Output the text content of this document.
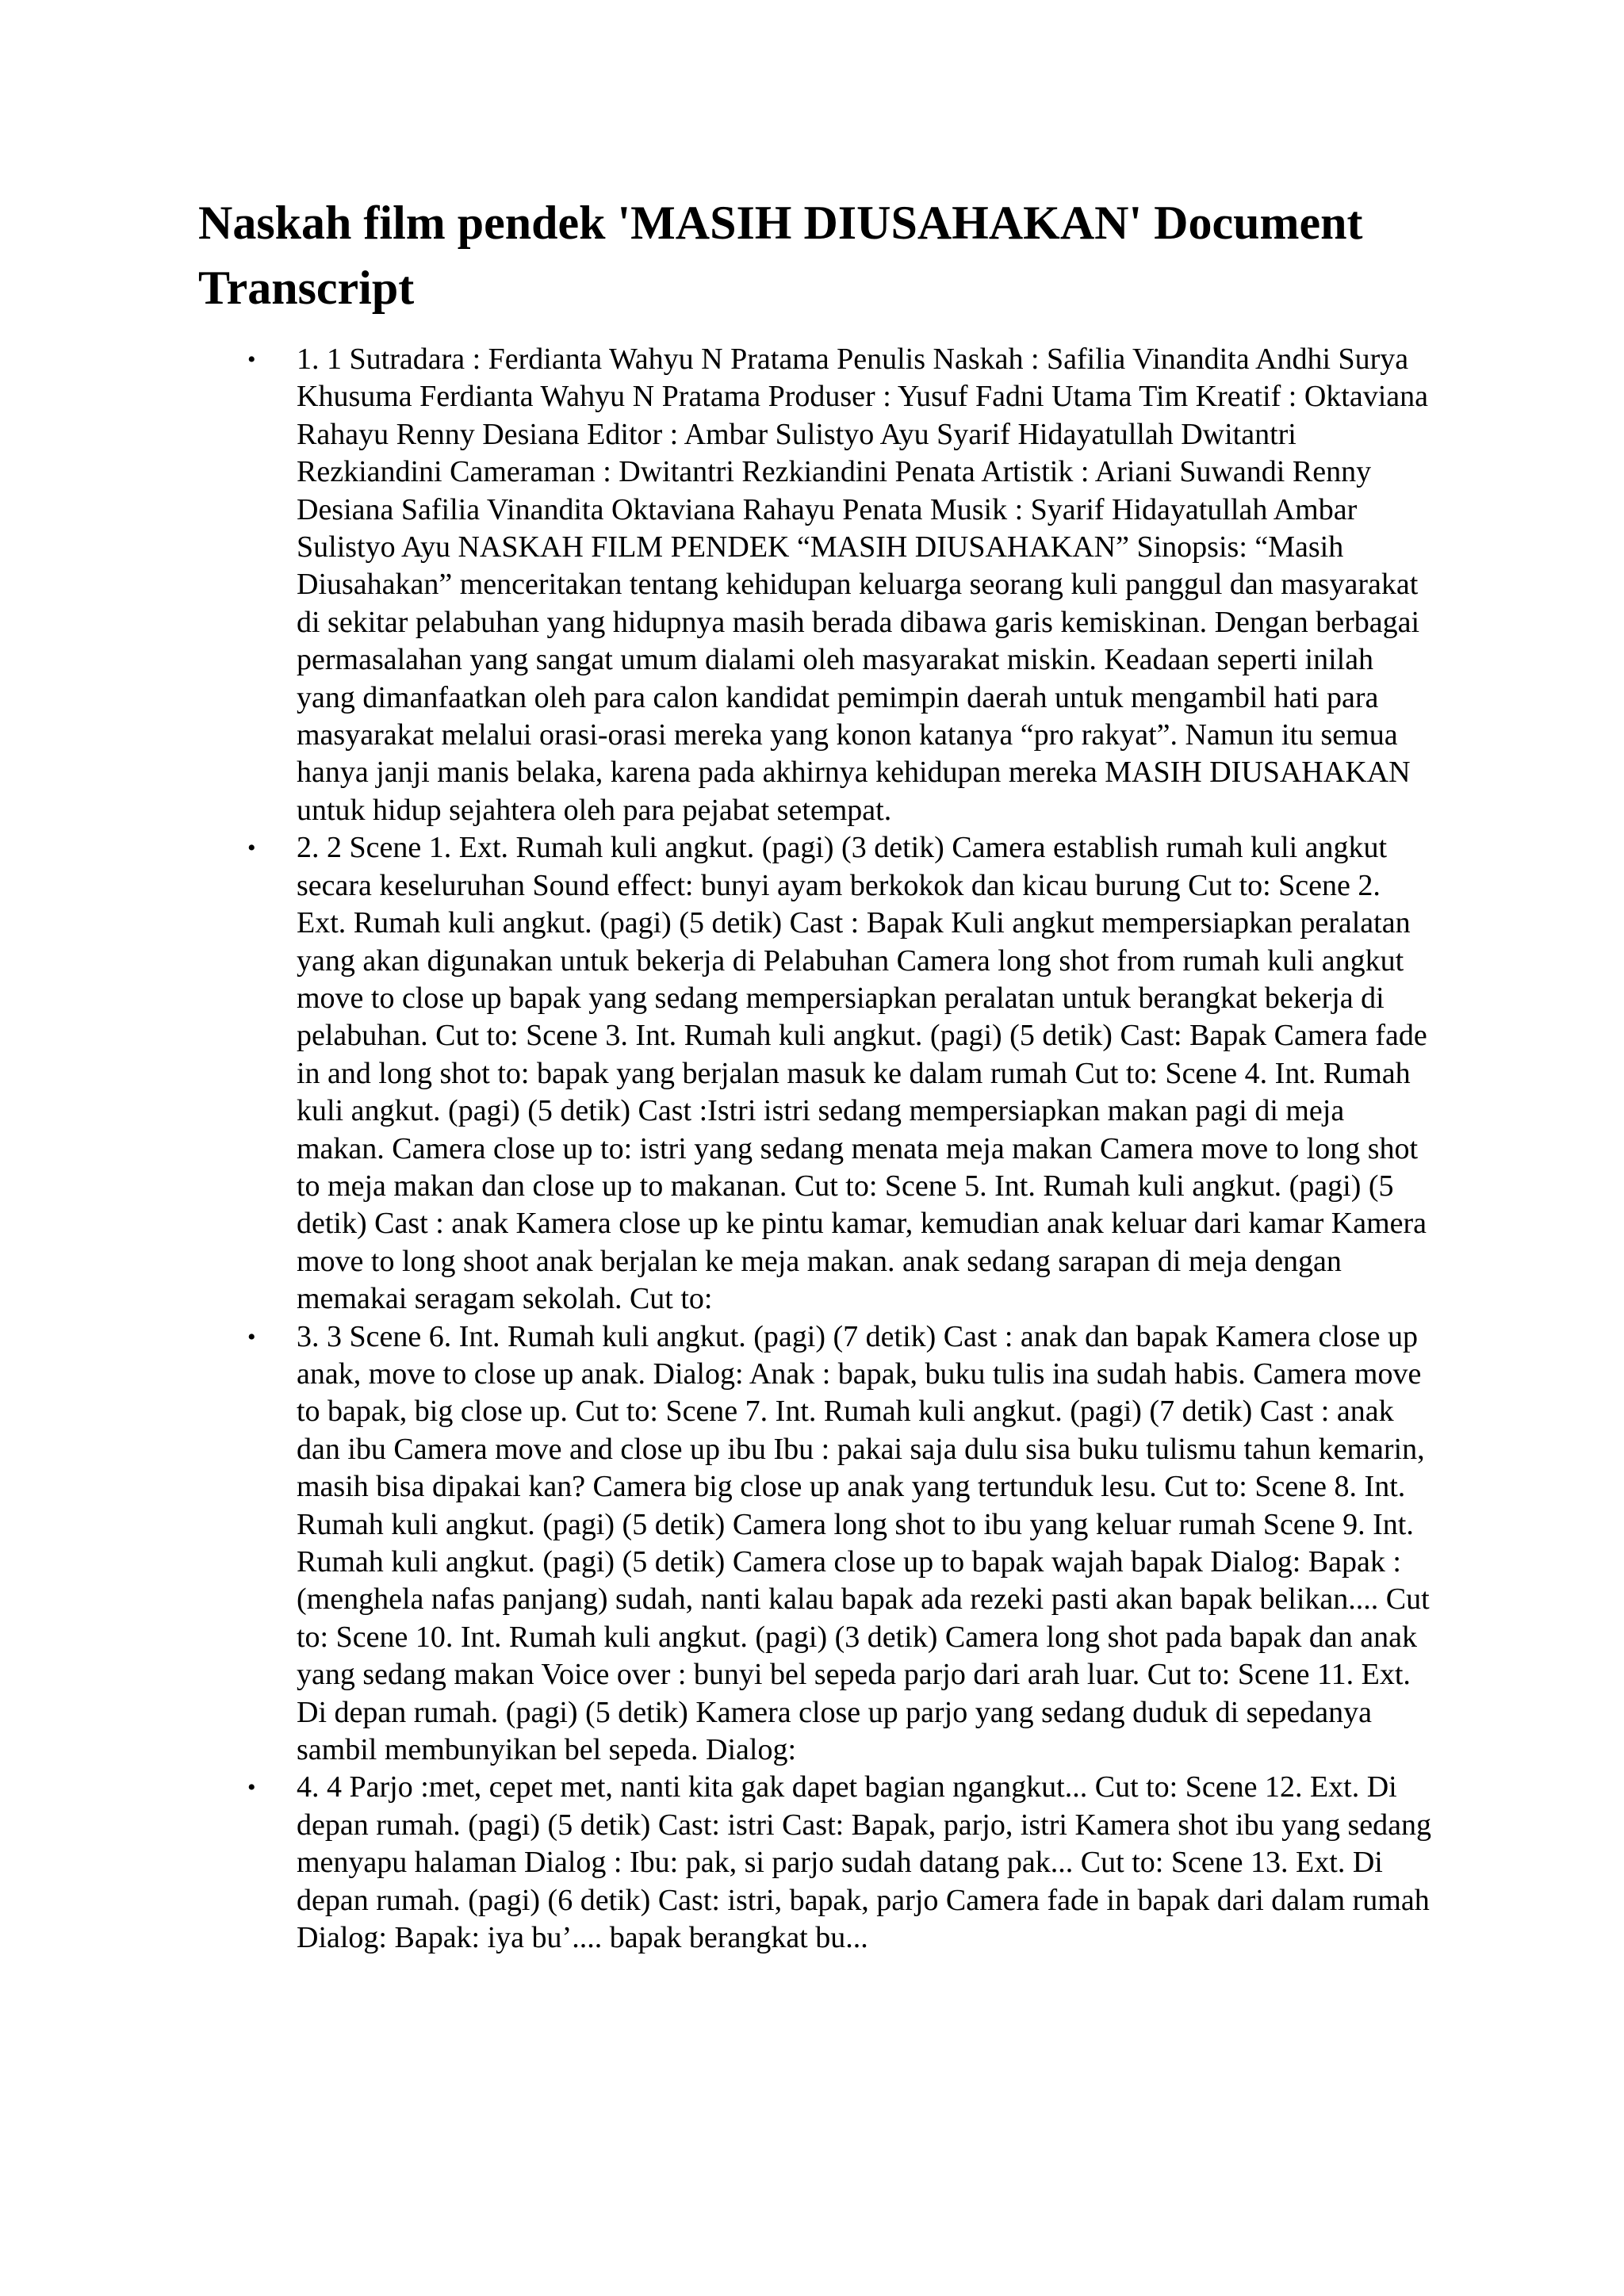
Naskah film pendek 'MASIH DIUSAHAKAN' Document Transcript
• 1. 1 Sutradara : Ferdianta Wahyu N Pratama Penulis Naskah : Safilia Vinandita Andhi Surya Khusuma Ferdianta Wahyu N Pratama Produser : Yusuf Fadni Utama Tim Kreatif : Oktaviana Rahayu Renny Desiana Editor : Ambar Sulistyo Ayu Syarif Hidayatullah Dwitantri Rezkiandini Cameraman : Dwitantri Rezkiandini Penata Artistik : Ariani Suwandi Renny Desiana Safilia Vinandita Oktaviana Rahayu Penata Musik : Syarif Hidayatullah Ambar Sulistyo Ayu NASKAH FILM PENDEK “MASIH DIUSAHAKAN” Sinopsis: “Masih Diusahakan” menceritakan tentang kehidupan keluarga seorang kuli panggul dan masyarakat di sekitar pelabuhan yang hidupnya masih berada dibawa garis kemiskinan. Dengan berbagai permasalahan yang sangat umum dialami oleh masyarakat miskin. Keadaan seperti inilah yang dimanfaatkan oleh para calon kandidat pemimpin daerah untuk mengambil hati para masyarakat melalui orasi-orasi mereka yang konon katanya “pro rakyat”. Namun itu semua hanya janji manis belaka, karena pada akhirnya kehidupan mereka MASIH DIUSAHAKAN untuk hidup sejahtera oleh para pejabat setempat.
• 2. 2 Scene 1. Ext. Rumah kuli angkut. (pagi) (3 detik) Camera establish rumah kuli angkut secara keseluruhan Sound effect: bunyi ayam berkokok dan kicau burung Cut to: Scene 2. Ext. Rumah kuli angkut. (pagi) (5 detik) Cast : Bapak Kuli angkut mempersiapkan peralatan yang akan digunakan untuk bekerja di Pelabuhan Camera long shot from rumah kuli angkut move to close up bapak yang sedang mempersiapkan peralatan untuk berangkat bekerja di pelabuhan. Cut to: Scene 3. Int. Rumah kuli angkut. (pagi) (5 detik) Cast: Bapak Camera fade in and long shot to: bapak yang berjalan masuk ke dalam rumah Cut to: Scene 4. Int. Rumah kuli angkut. (pagi) (5 detik) Cast :Istri istri sedang mempersiapkan makan pagi di meja makan. Camera close up to: istri yang sedang menata meja makan Camera move to long shot to meja makan dan close up to makanan. Cut to: Scene 5. Int. Rumah kuli angkut. (pagi) (5 detik) Cast : anak Kamera close up ke pintu kamar, kemudian anak keluar dari kamar Kamera move to long shoot anak berjalan ke meja makan. anak sedang sarapan di meja dengan memakai seragam sekolah. Cut to:
• 3. 3 Scene 6. Int. Rumah kuli angkut. (pagi) (7 detik) Cast : anak dan bapak Kamera close up anak, move to close up anak. Dialog: Anak : bapak, buku tulis ina sudah habis. Camera move to bapak, big close up. Cut to: Scene 7. Int. Rumah kuli angkut. (pagi) (7 detik) Cast : anak dan ibu Camera move and close up ibu Ibu : pakai saja dulu sisa buku tulismu tahun kemarin, masih bisa dipakai kan? Camera big close up anak yang tertunduk lesu. Cut to: Scene 8. Int. Rumah kuli angkut. (pagi) (5 detik) Camera long shot to ibu yang keluar rumah Scene 9. Int. Rumah kuli angkut. (pagi) (5 detik) Camera close up to bapak wajah bapak Dialog: Bapak : (menghela nafas panjang) sudah, nanti kalau bapak ada rezeki pasti akan bapak belikan.... Cut to: Scene 10. Int. Rumah kuli angkut. (pagi) (3 detik) Camera long shot pada bapak dan anak yang sedang makan Voice over : bunyi bel sepeda parjo dari arah luar. Cut to: Scene 11. Ext. Di depan rumah. (pagi) (5 detik) Kamera close up parjo yang sedang duduk di sepedanya sambil membunyikan bel sepeda. Dialog:
• 4. 4 Parjo :met, cepet met, nanti kita gak dapet bagian ngangkut... Cut to: Scene 12. Ext. Di depan rumah. (pagi) (5 detik) Cast: istri Cast: Bapak, parjo, istri Kamera shot ibu yang sedang menyapu halaman Dialog : Ibu: pak, si parjo sudah datang pak... Cut to: Scene 13. Ext. Di depan rumah. (pagi) (6 detik) Cast: istri, bapak, parjo Camera fade in bapak dari dalam rumah Dialog: Bapak: iya bu’.... bapak berangkat bu...
